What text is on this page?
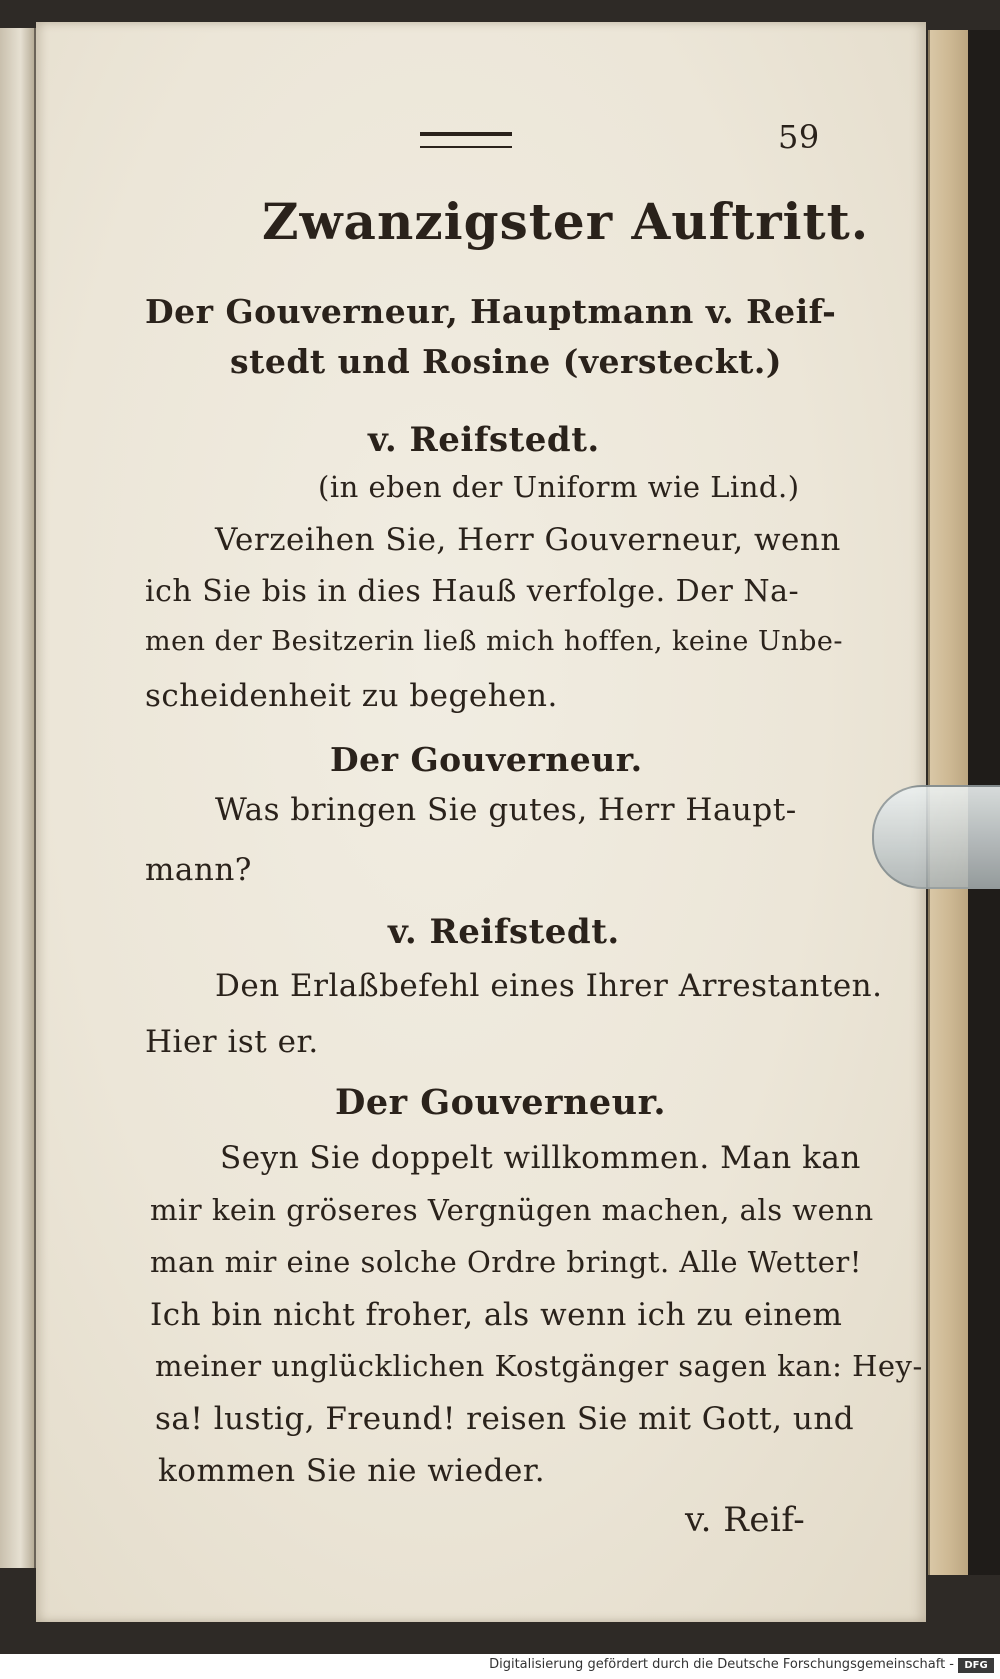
59
Zwanzigster Auftritt.
Der Gouverneur, Hauptmann v. Reif-
stedt und Rosine (versteckt.)
v. Reifstedt.
(in eben der Uniform wie Lind.)
Verzeihen Sie, Herr Gouverneur, wenn
ich Sie bis in dies Hauß verfolge. Der Na-
men der Besitzerin ließ mich hoffen, keine Unbe-
scheidenheit zu begehen.
Der Gouverneur.
Was bringen Sie gutes, Herr Haupt-
mann?
v. Reifstedt.
Den Erlaßbefehl eines Ihrer Arrestanten.
Hier ist er.
Der Gouverneur.
Seyn Sie doppelt willkommen. Man kan
mir kein gröseres Vergnügen machen, als wenn
man mir eine solche Ordre bringt. Alle Wetter!
Ich bin nicht froher, als wenn ich zu einem
meiner unglücklichen Kostgänger sagen kan: Hey-
sa! lustig, Freund! reisen Sie mit Gott, und
kommen Sie nie wieder.
v. Reif-
Digitalisierung gefördert durch die Deutsche Forschungsgemeinschaft -	DFG
